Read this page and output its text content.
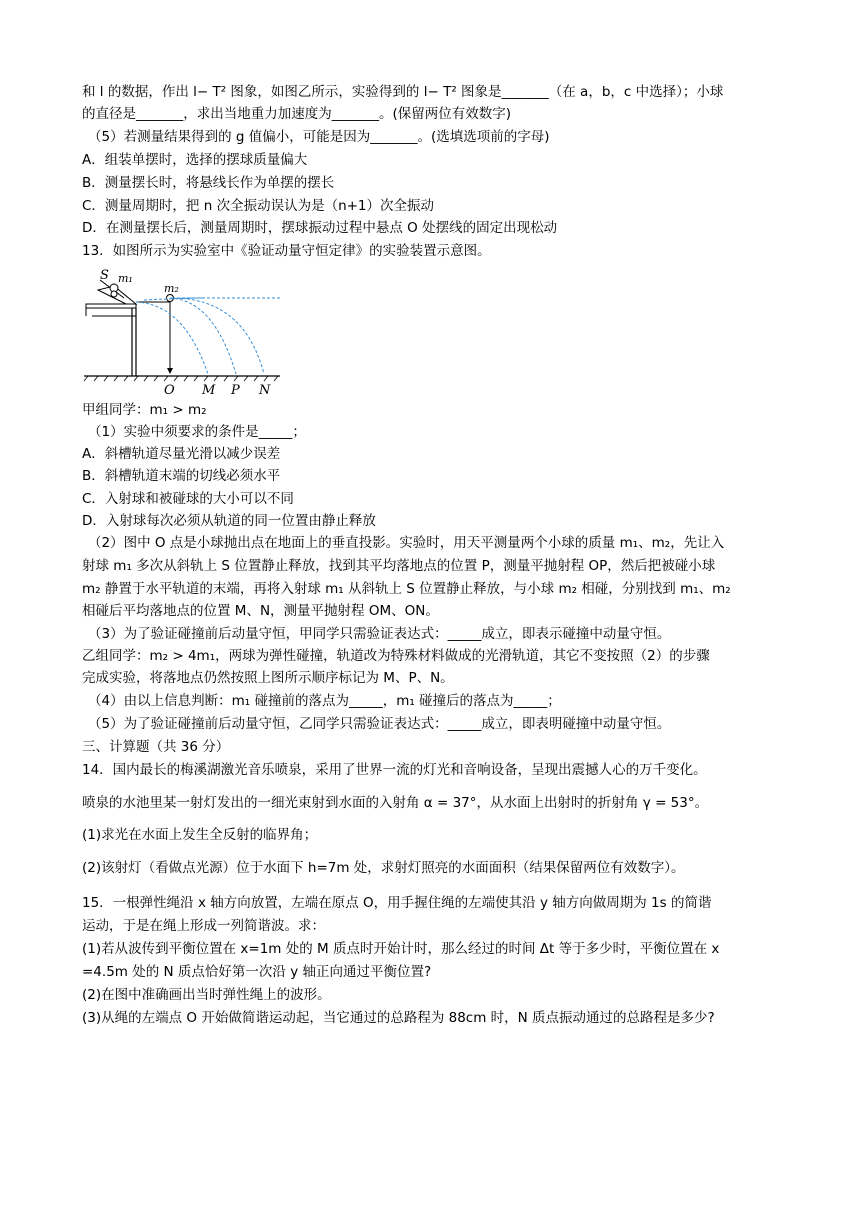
和 l 的数据，作出 l− T² 图象，如图乙所示，实验得到的 l− T² 图象是_______（在 a，b，c 中选择）；小球
的直径是_______，求出当地重力加速度为_______。(保留两位有效数字)
（5）若测量结果得到的 g 值偏小，可能是因为_______。(选填选项前的字母)
A．组装单摆时，选择的摆球质量偏大
B．测量摆长时，将悬线长作为单摆的摆长
C．测量周期时，把 n 次全振动误认为是（n+1）次全振动
D．在测量摆长后，测量周期时，摆球振动过程中悬点 O 处摆线的固定出现松动
13．如图所示为实验室中《验证动量守恒定律》的实验装置示意图。
S m₁
m₂
O M P N
甲组同学：m₁ > m₂
（1）实验中须要求的条件是_____；
A．斜槽轨道尽量光滑以减少误差
B．斜槽轨道末端的切线必须水平
C．入射球和被碰球的大小可以不同
D．入射球每次必须从轨道的同一位置由静止释放
（2）图中 O 点是小球抛出点在地面上的垂直投影。实验时，用天平测量两个小球的质量 m₁、m₂，先让入
射球 m₁ 多次从斜轨上 S 位置静止释放，找到其平均落地点的位置 P，测量平抛射程 OP，然后把被碰小球
m₂ 静置于水平轨道的末端，再将入射球 m₁ 从斜轨上 S 位置静止释放，与小球 m₂ 相碰，分别找到 m₁、m₂
相碰后平均落地点的位置 M、N，测量平抛射程 OM、ON。
（3）为了验证碰撞前后动量守恒，甲同学只需验证表达式：_____成立，即表示碰撞中动量守恒。
乙组同学：m₂ > 4m₁，两球为弹性碰撞，轨道改为特殊材料做成的光滑轨道，其它不变按照（2）的步骤
完成实验，将落地点仍然按照上图所示顺序标记为 M、P、N。
（4）由以上信息判断：m₁ 碰撞前的落点为_____，m₁ 碰撞后的落点为_____；
（5）为了验证碰撞前后动量守恒，乙同学只需验证表达式：_____成立，即表明碰撞中动量守恒。
三、计算题（共 36 分）
14．国内最长的梅溪湖激光音乐喷泉，采用了世界一流的灯光和音响设备，呈现出震撼人心的万千变化。
喷泉的水池里某一射灯发出的一细光束射到水面的入射角 α = 37°，从水面上出射时的折射角 γ = 53°。
(1)求光在水面上发生全反射的临界角；
(2)该射灯（看做点光源）位于水面下 h=7m 处，求射灯照亮的水面面积（结果保留两位有效数字）。
15．一根弹性绳沿 x 轴方向放置，左端在原点 O，用手握住绳的左端使其沿 y 轴方向做周期为 1s 的简谐
运动，于是在绳上形成一列简谐波。求：
(1)若从波传到平衡位置在 x=1m 处的 M 质点时开始计时，那么经过的时间 Δt 等于多少时，平衡位置在 x
=4.5m 处的 N 质点恰好第一次沿 y 轴正向通过平衡位置?
(2)在图中准确画出当时弹性绳上的波形。
(3)从绳的左端点 O 开始做简谐运动起，当它通过的总路程为 88cm 时，N 质点振动通过的总路程是多少?
